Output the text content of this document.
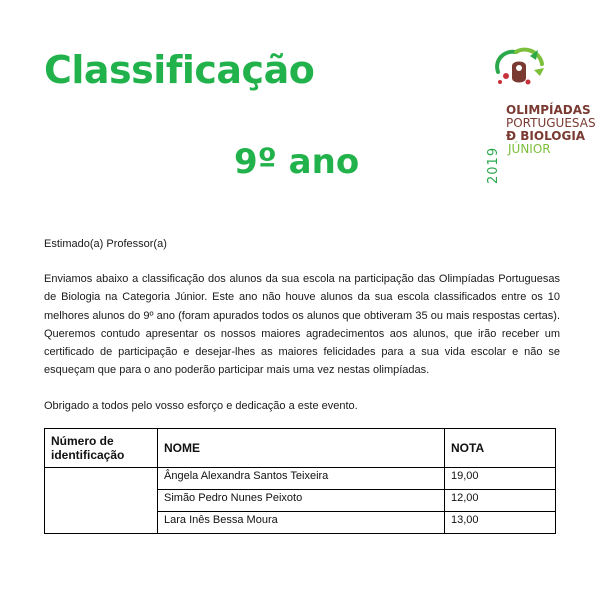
Classificação
9º ano	2019
OLIMPÍADAS
PORTUGUESAS
Ð BIOLOGIA
JÚNIOR
Estimado(a) Professor(a)
Enviamos abaixo a classificação dos alunos da sua escola na participação das Olimpíadas Portuguesas de Biologia na Categoria Júnior. Este ano não houve alunos da sua escola classificados entre os 10 melhores alunos do 9º ano (foram apurados todos os alunos que obtiveram 35 ou mais respostas certas). Queremos contudo apresentar os nossos maiores agradecimentos aos alunos, que irão receber um certificado de participação e desejar-lhes as maiores felicidades para a sua vida escolar e não se esqueçam que para o ano poderão participar mais uma vez nestas olimpíadas.
Obrigado a todos pelo vosso esforço e dedicação a este evento.
Número de identificação	NOME	NOTA
	Ângela Alexandra Santos Teixeira	19,00
	Simão Pedro Nunes Peixoto	12,00
	Lara Inês Bessa Moura	13,00
